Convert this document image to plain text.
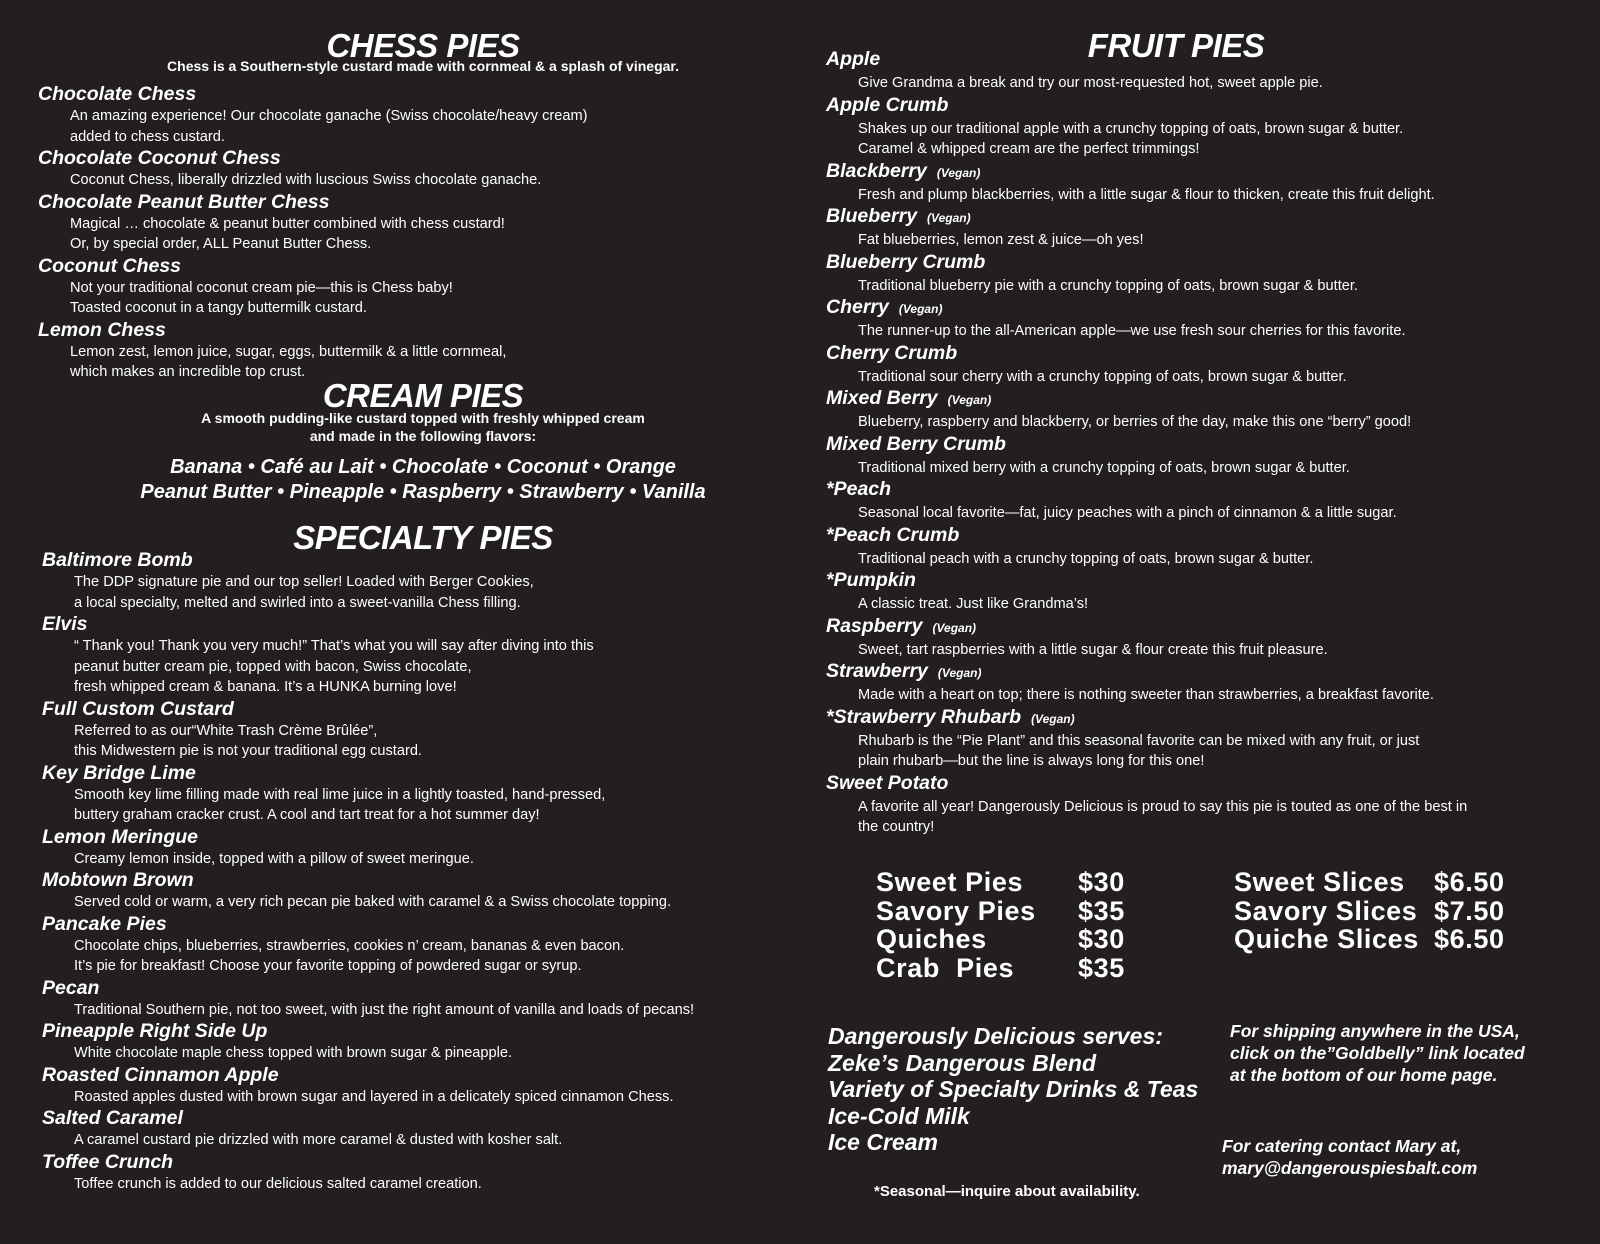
CHESS PIES
Chess is a Southern-style custard made with cornmeal & a splash of vinegar.
Chocolate Chess
An amazing experience! Our chocolate ganache (Swiss chocolate/heavy cream)
added to chess custard.
Chocolate Coconut Chess
Coconut Chess, liberally drizzled with luscious Swiss chocolate ganache.
Chocolate Peanut Butter Chess
Magical … chocolate & peanut butter combined with chess custard!
Or, by special order, ALL Peanut Butter Chess.
Coconut Chess
Not your traditional coconut cream pie—this is Chess baby!
Toasted coconut in a tangy buttermilk custard.
Lemon Chess
Lemon zest, lemon juice, sugar, eggs, buttermilk & a little cornmeal,
which makes an incredible top crust.
CREAM PIES
A smooth pudding-like custard topped with freshly whipped cream
and made in the following flavors:
Banana • Café au Lait • Chocolate • Coconut • Orange
Peanut Butter • Pineapple • Raspberry • Strawberry • Vanilla
SPECIALTY PIES
Baltimore Bomb
The DDP signature pie and our top seller! Loaded with Berger Cookies,
a local specialty, melted and swirled into a sweet-vanilla Chess filling.
Elvis
“ Thank you! Thank you very much!” That’s what you will say after diving into this
peanut butter cream pie, topped with bacon, Swiss chocolate,
fresh whipped cream & banana. It’s a HUNKA burning love!
Full Custom Custard
Referred to as our“White Trash Crème Brûlée”,
this Midwestern pie is not your traditional egg custard.
Key Bridge Lime
Smooth key lime filling made with real lime juice in a lightly toasted, hand-pressed,
buttery graham cracker crust. A cool and tart treat for a hot summer day!
Lemon Meringue
Creamy lemon inside, topped with a pillow of sweet meringue.
Mobtown Brown
Served cold or warm, a very rich pecan pie baked with caramel & a Swiss chocolate topping.
Pancake Pies
Chocolate chips, blueberries, strawberries, cookies n’ cream, bananas & even bacon.
It’s pie for breakfast! Choose your favorite topping of powdered sugar or syrup.
Pecan
Traditional Southern pie, not too sweet, with just the right amount of vanilla and loads of pecans!
Pineapple Right Side Up
White chocolate maple chess topped with brown sugar & pineapple.
Roasted Cinnamon Apple
Roasted apples dusted with brown sugar and layered in a delicately spiced cinnamon Chess.
Salted Caramel
A caramel custard pie drizzled with more caramel & dusted with kosher salt.
Toffee Crunch
Toffee crunch is added to our delicious salted caramel creation.
FRUIT PIES
Apple
Give Grandma a break and try our most-requested hot, sweet apple pie.
Apple Crumb
Shakes up our traditional apple with a crunchy topping of oats, brown sugar & butter.
Caramel & whipped cream are the perfect trimmings!
Blackberry (Vegan)
Fresh and plump blackberries, with a little sugar & flour to thicken, create this fruit delight.
Blueberry (Vegan)
Fat blueberries, lemon zest & juice—oh yes!
Blueberry Crumb
Traditional blueberry pie with a crunchy topping of oats, brown sugar & butter.
Cherry (Vegan)
The runner-up to the all-American apple—we use fresh sour cherries for this favorite.
Cherry Crumb
Traditional sour cherry with a crunchy topping of oats, brown sugar & butter.
Mixed Berry (Vegan)
Blueberry, raspberry and blackberry, or berries of the day, make this one “berry” good!
Mixed Berry Crumb
Traditional mixed berry with a crunchy topping of oats, brown sugar & butter.
*Peach
Seasonal local favorite—fat, juicy peaches with a pinch of cinnamon & a little sugar.
*Peach Crumb
Traditional peach with a crunchy topping of oats, brown sugar & butter.
*Pumpkin
A classic treat. Just like Grandma’s!
Raspberry (Vegan)
Sweet, tart raspberries with a little sugar & flour create this fruit pleasure.
Strawberry (Vegan)
Made with a heart on top; there is nothing sweeter than strawberries, a breakfast favorite.
*Strawberry Rhubarb (Vegan)
Rhubarb is the “Pie Plant” and this seasonal favorite can be mixed with any fruit, or just
plain rhubarb—but the line is always long for this one!
Sweet Potato
A favorite all year! Dangerously Delicious is proud to say this pie is touted as one of the best in
the country!
Sweet Pies	$30
Savory Pies	$35
Quiches	$30
Crab  Pies	$35
Sweet Slices	$6.50
Savory Slices $7.50
Quiche Slices $6.50
Dangerously Delicious serves:
Zeke’s Dangerous Blend
Variety of Specialty Drinks & Teas
Ice-Cold Milk
Ice Cream
For shipping anywhere in the USA,
click on the”Goldbelly” link located
at the bottom of our home page.
For catering contact Mary at,
mary@dangerouspiesbalt.com
*Seasonal—inquire about availability.
